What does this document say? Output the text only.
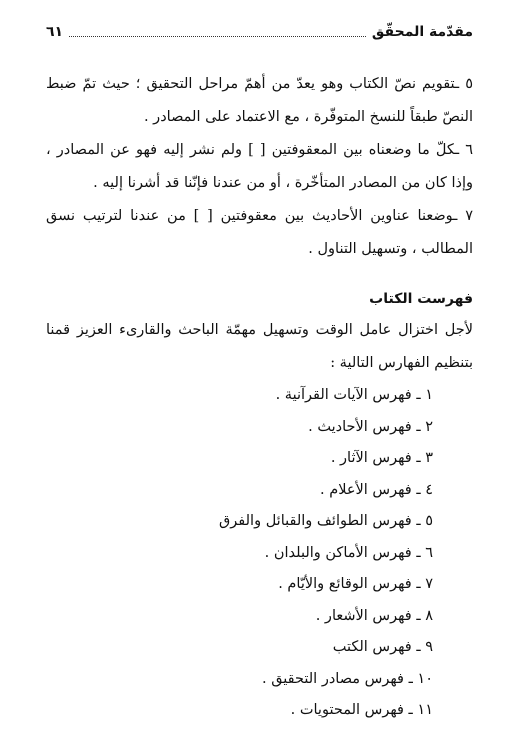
مقدّمة المحقّق
٦١

٥ ـتقويم نصّ الكتاب وهو يعدّ من أهمّ مراحل التحقيق ؛ حيث تمّ ضبط النصّ طبقاً للنسخ المتوفّرة ، مع الاعتماد على المصادر .

٦ ـكلّ ما وضعناه بين المعقوفتين [ ] ولم نشر إليه فهو عن المصادر ، وإذا كان من المصادر المتأخّرة ، أو من عندنا فإنّنا قد أشرنا إليه .

٧ ـوضعنا عناوين الأحاديث بين معقوفتين [ ] من عندنا لترتيب نسق المطالب ، وتسهيل التناول .

فهرست الكتاب

لأجل اختزال عامل الوقت وتسهيل مهمّة الباحث والقارىء العزيز قمنا بتنظيم الفهارس التالية :

١ ـ فهرس الآيات القرآنية .
٢ ـ فهرس الأحاديث .
٣ ـ فهرس الآثار .
٤ ـ فهرس الأعلام .
٥ ـ فهرس الطوائف والقبائل والفرق
٦ ـ فهرس الأماكن والبلدان .
٧ ـ فهرس الوقائع والأيّام .
٨ ـ فهرس الأشعار .
٩ ـ فهرس الكتب
١٠ ـ فهرس مصادر التحقيق .
١١ ـ فهرس المحتويات .
